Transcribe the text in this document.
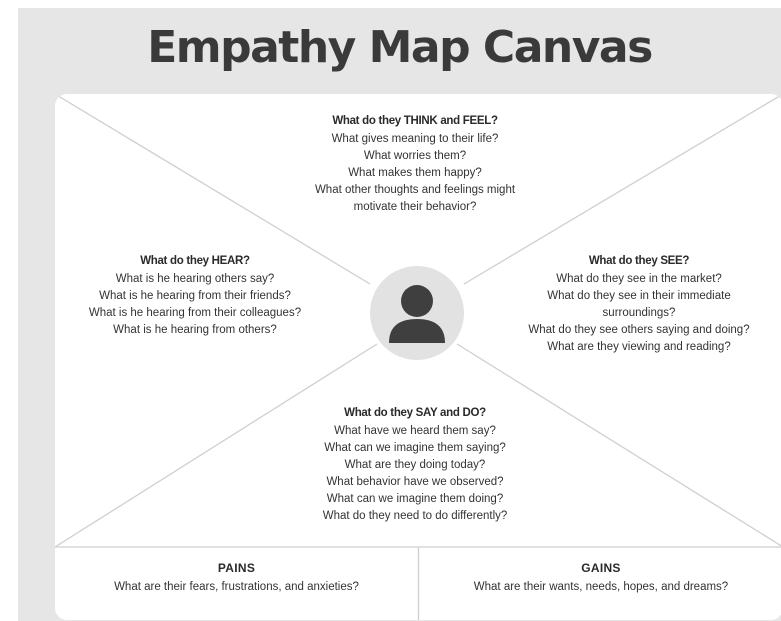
Empathy Map Canvas
What do they THINK and FEEL?
What gives meaning to their life?
What worries them?
What makes them happy?
What other thoughts and feelings might
motivate their behavior?
What do they HEAR?
What is he hearing others say?
What is he hearing from their friends?
What is he hearing from their colleagues?
What is he hearing from others?
What do they SEE?
What do they see in the market?
What do they see in their immediate
surroundings?
What do they see others saying and doing?
What are they viewing and reading?
What do they SAY and DO?
What have we heard them say?
What can we imagine them saying?
What are they doing today?
What behavior have we observed?
What can we imagine them doing?
What do they need to do differently?
PAINS
What are their fears, frustrations, and anxieties?
GAINS
What are their wants, needs, hopes, and dreams?
